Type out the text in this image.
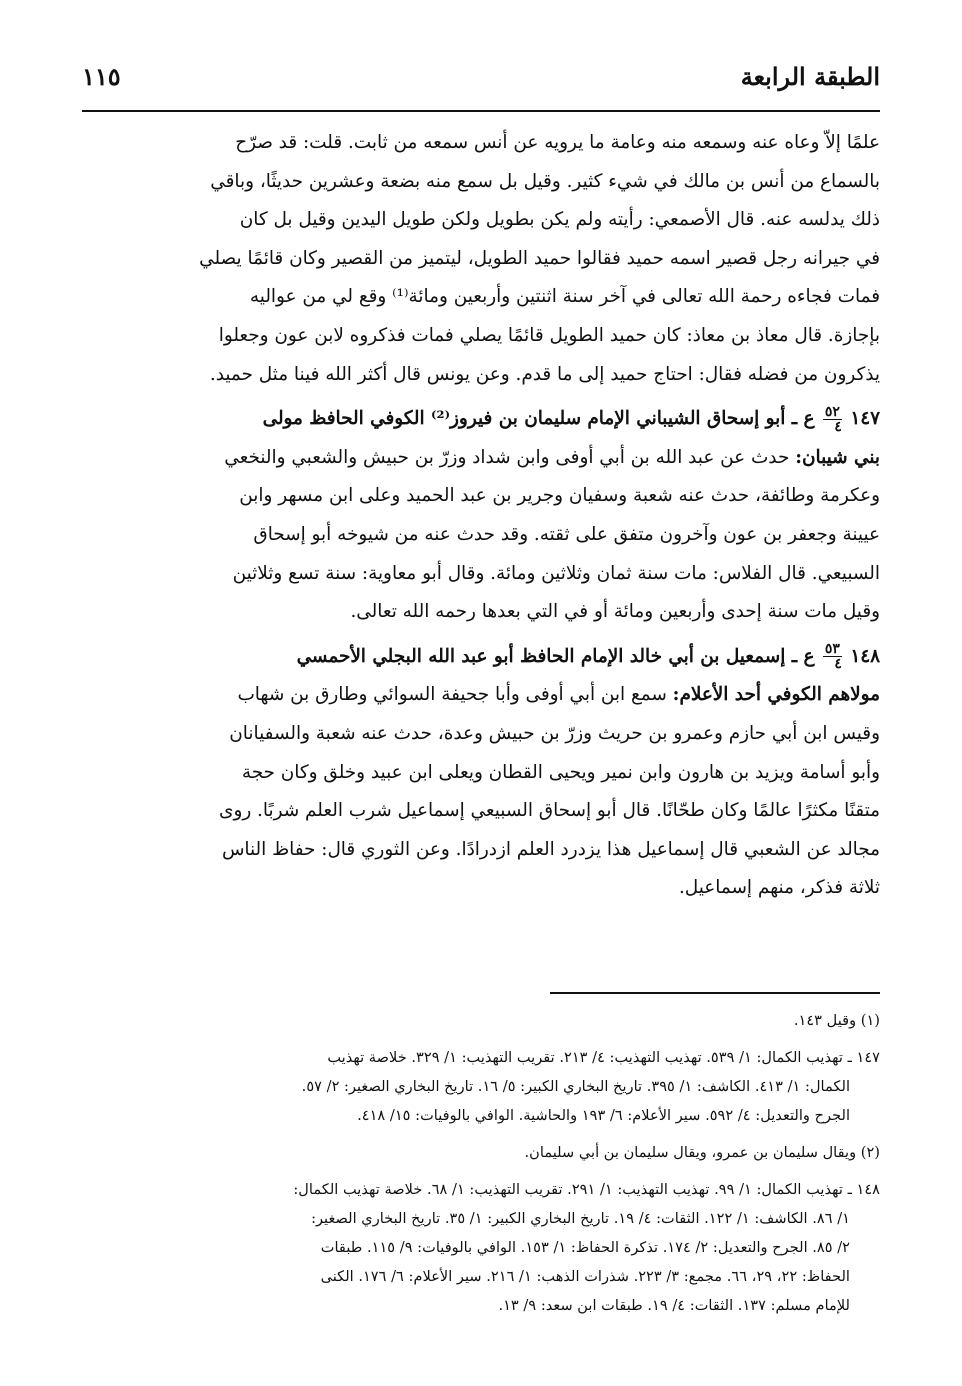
الطبقة الرابعة
١١٥
علمًا إلاّ وعاه عنه وسمعه منه وعامة ما يرويه عن أنس سمعه من ثابت. قلت: قد صرّح
بالسماع من أنس بن مالك في شيء كثير. وقيل بل سمع منه بضعة وعشرين حديثًا، وباقي
ذلك يدلسه عنه. قال الأصمعي: رأيته ولم يكن بطويل ولكن طويل اليدين وقيل بل كان
في جيرانه رجل قصير اسمه حميد فقالوا حميد الطويل، ليتميز من القصير وكان قائمًا يصلي
فمات فجاءه رحمة الله تعالى في آخر سنة اثنتين وأربعين ومائة⁽¹⁾ وقع لي من عواليه
بإجازة. قال معاذ بن معاذ: كان حميد الطويل قائمًا يصلي فمات فذكروه لابن عون وجعلوا
يذكرون من فضله فقال: احتاج حميد إلى ما قدم. وعن يونس قال أكثر الله فينا مثل حميد.
١٤٧
$\frac{٥٢}{٤}$
ع ـ أبو إسحاق الشيباني الإمام سليمان بن فيروز⁽²⁾ الكوفي الحافظ مولى
بني شيبان: حدث عن عبد الله بن أبي أوفى وابن شداد وزرّ بن حبيش والشعبي والنخعي
وعكرمة وطائفة، حدث عنه شعبة وسفيان وجرير بن عبد الحميد وعلى ابن مسهر وابن
عيينة وجعفر بن عون وآخرون متفق على ثقته. وقد حدث عنه من شيوخه أبو إسحاق
السبيعي. قال الفلاس: مات سنة ثمان وثلاثين ومائة. وقال أبو معاوية: سنة تسع وثلاثين
وقيل مات سنة إحدى وأربعين ومائة أو في التي بعدها رحمه الله تعالى.
١٤٨
$\frac{٥٣}{٤}$
ع ـ إسمعيل بن أبي خالد الإمام الحافظ أبو عبد الله البجلي الأحمسي
مولاهم الكوفي أحد الأعلام: سمع ابن أبي أوفى وأبا جحيفة السوائي وطارق بن شهاب
وقيس ابن أبي حازم وعمرو بن حريث وزرّ بن حبيش وعدة، حدث عنه شعبة والسفيانان
وأبو أسامة ويزيد بن هارون وابن نمير ويحيى القطان ويعلى ابن عبيد وخلق وكان حجة
متقنًا مكثرًا عالمًا وكان طحّانًا. قال أبو إسحاق السبيعي إسماعيل شرب العلم شربًا. روى
مجالد عن الشعبي قال إسماعيل هذا يزدرد العلم ازدرادًا. وعن الثوري قال: حفاظ الناس
ثلاثة فذكر، منهم إسماعيل.
(١) وقيل ١٤٣.
١٤٧ ـ تهذيب الكمال: ١/ ٥٣٩. تهذيب التهذيب: ٤/ ٢١٣. تقريب التهذيب: ١/ ٣٢٩. خلاصة تهذيب
الكمال: ١/ ٤١٣. الكاشف: ١/ ٣٩٥. تاريخ البخاري الكبير: ٥/ ١٦. تاريخ البخاري الصغير: ٢/ ٥٧.
الجرح والتعديل: ٤/ ٥٩٢. سير الأعلام: ٦/ ١٩٣ والحاشية. الوافي بالوفيات: ١٥/ ٤١٨.
(٢) ويقال سليمان بن عمرو، ويقال سليمان بن أبي سليمان.
١٤٨ ـ تهذيب الكمال: ١/ ٩٩. تهذيب التهذيب: ١/ ٢٩١. تقريب التهذيب: ١/ ٦٨. خلاصة تهذيب الكمال:
١/ ٨٦. الكاشف: ١/ ١٢٢. الثقات: ٤/ ١٩. تاريخ البخاري الكبير: ١/ ٣٥. تاريخ البخاري الصغير:
٢/ ٨٥. الجرح والتعديل: ٢/ ١٧٤. تذكرة الحفاظ: ١/ ١٥٣. الوافي بالوفيات: ٩/ ١١٥. طبقات
الحفاظ: ٢٢، ٢٩، ٦٦. مجمع: ٣/ ٢٢٣. شذرات الذهب: ١/ ٢١٦. سير الأعلام: ٦/ ١٧٦. الكنى
للإمام مسلم: ١٣٧. الثقات: ٤/ ١٩. طبقات ابن سعد: ٩/ ١٣.
